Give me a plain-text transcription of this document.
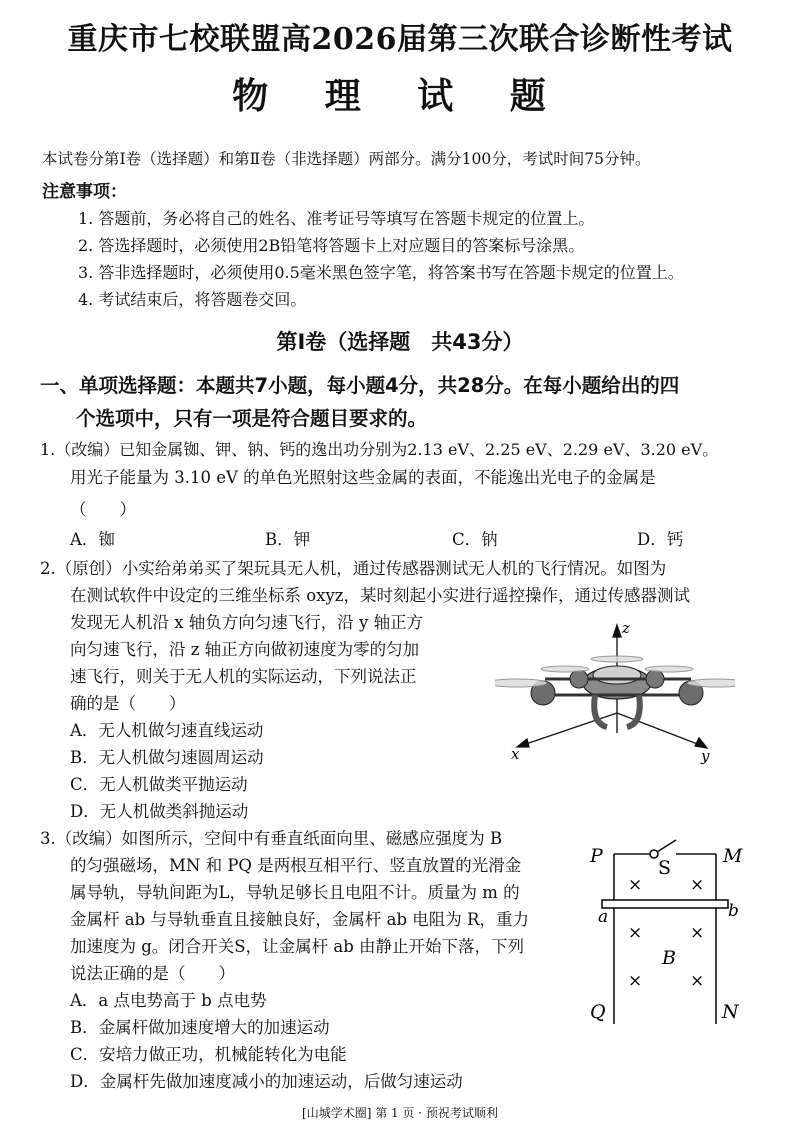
重庆市七校联盟高2026届第三次联合诊断性考试
物 理 试 题
本试卷分第Ⅰ卷（选择题）和第Ⅱ卷（非选择题）两部分。满分100分，考试时间75分钟。
注意事项：
1. 答题前，务必将自己的姓名、准考证号等填写在答题卡规定的位置上。
2. 答选择题时，必须使用2B铅笔将答题卡上对应题目的答案标号涂黑。
3. 答非选择题时，必须使用0.5毫米黑色签字笔，将答案书写在答题卡规定的位置上。
4. 考试结束后，将答题卷交回。
第Ⅰ卷（选择题　共43分）
一、单项选择题：本题共7小题，每小题4分，共28分。在每小题给出的四
个选项中，只有一项是符合题目要求的。
1.（改编）已知金属铷、钾、钠、钙的逸出功分别为2.13 eV、2.25 eV、2.29 eV、3.20 eV。
用光子能量为 3.10 eV 的单色光照射这些金属的表面，不能逸出光电子的金属是
（　　）
A．铷	B．钾	C．钠	D．钙
2.（原创）小实给弟弟买了架玩具无人机，通过传感器测试无人机的飞行情况。如图为
在测试软件中设定的三维坐标系 oxyz，某时刻起小实进行遥控操作，通过传感器测试
发现无人机沿 x 轴负方向匀速飞行，沿 y 轴正方
向匀速飞行，沿 z 轴正方向做初速度为零的匀加
速飞行，则关于无人机的实际运动，下列说法正
确的是（　　）
A．无人机做匀速直线运动
B．无人机做匀速圆周运动
C．无人机做类平抛运动
D．无人机做类斜抛运动
z
x	y
3.（改编）如图所示，空间中有垂直纸面向里、磁感应强度为 B
的匀强磁场，MN 和 PQ 是两根互相平行、竖直放置的光滑金
属导轨，导轨间距为L，导轨足够长且电阻不计。质量为 m 的
金属杆 ab 与导轨垂直且接触良好，金属杆 ab 电阻为 R，重力
加速度为 g。闭合开关S，让金属杆 ab 由静止开始下落，下列
说法正确的是（　　）
A．a 点电势高于 b 点电势
B．金属杆做加速度增大的加速运动
C．安培力做正功，机械能转化为电能
D．金属杆先做加速度减小的加速运动，后做匀速运动
P	M
S
a	b
B
Q	N
×	×
×	×
×	×
[山城学术圈] 第 1 页 · 预祝考试顺利
